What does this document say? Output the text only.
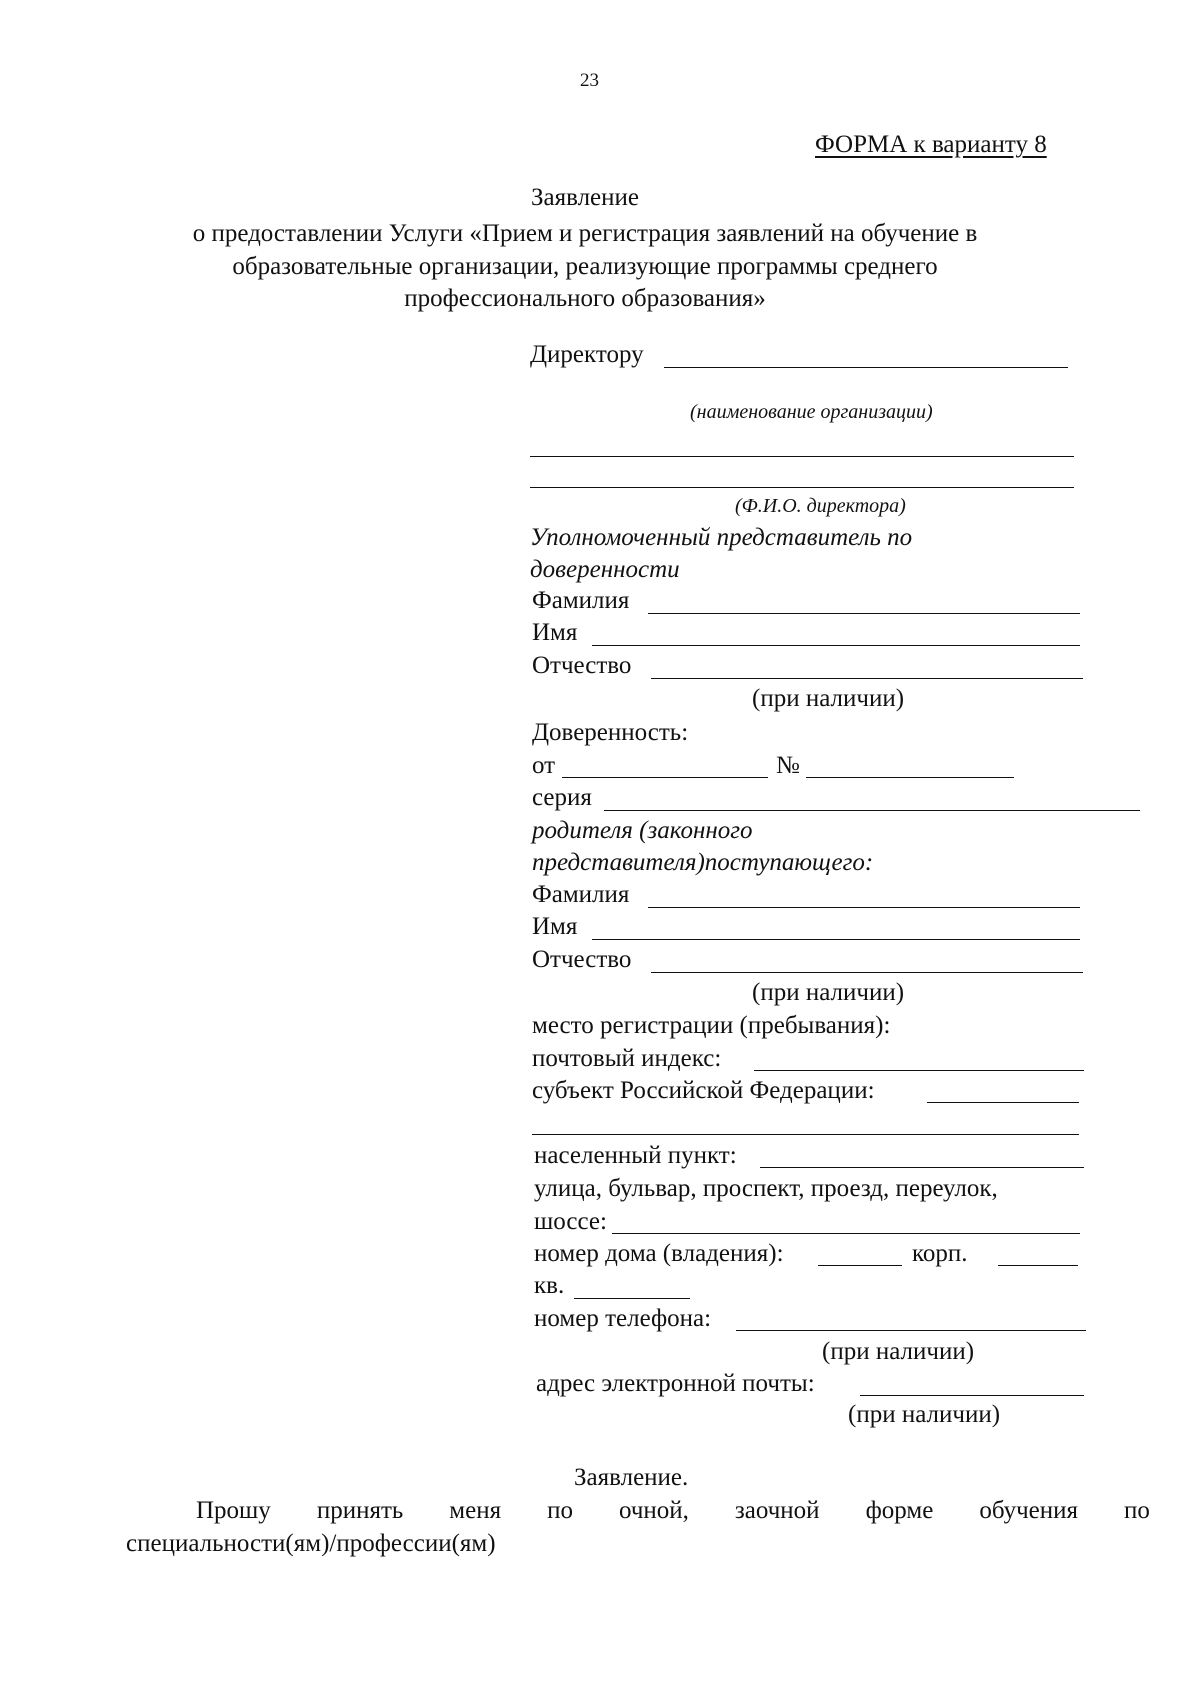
23
ФОРМА к варианту 8
Заявление
о предоставлении Услуги «Прием и регистрация заявлений на обучение в
образовательные организации, реализующие программы среднего
профессионального образования»
Директору
(наименование организации)
(Ф.И.О. директора)
Уполномоченный представитель по
доверенности
Фамилия
Имя
Отчество
(при наличии)
Доверенность:
от	№
серия
родителя (законного
представителя)поступающего:
Фамилия
Имя
Отчество
(при наличии)
место регистрации (пребывания):
почтовый индекс:
субъект Российской Федерации:
населенный пункт:
улица, бульвар, проспект, проезд, переулок,
шоссе:
номер дома (владения):	корп.
кв.
номер телефона:
(при наличии)
адрес электронной почты:
(при наличии)
Заявление.
Прошу принять меня по очной, заочной форме обучения по
специальности(ям)/профессии(ям)
